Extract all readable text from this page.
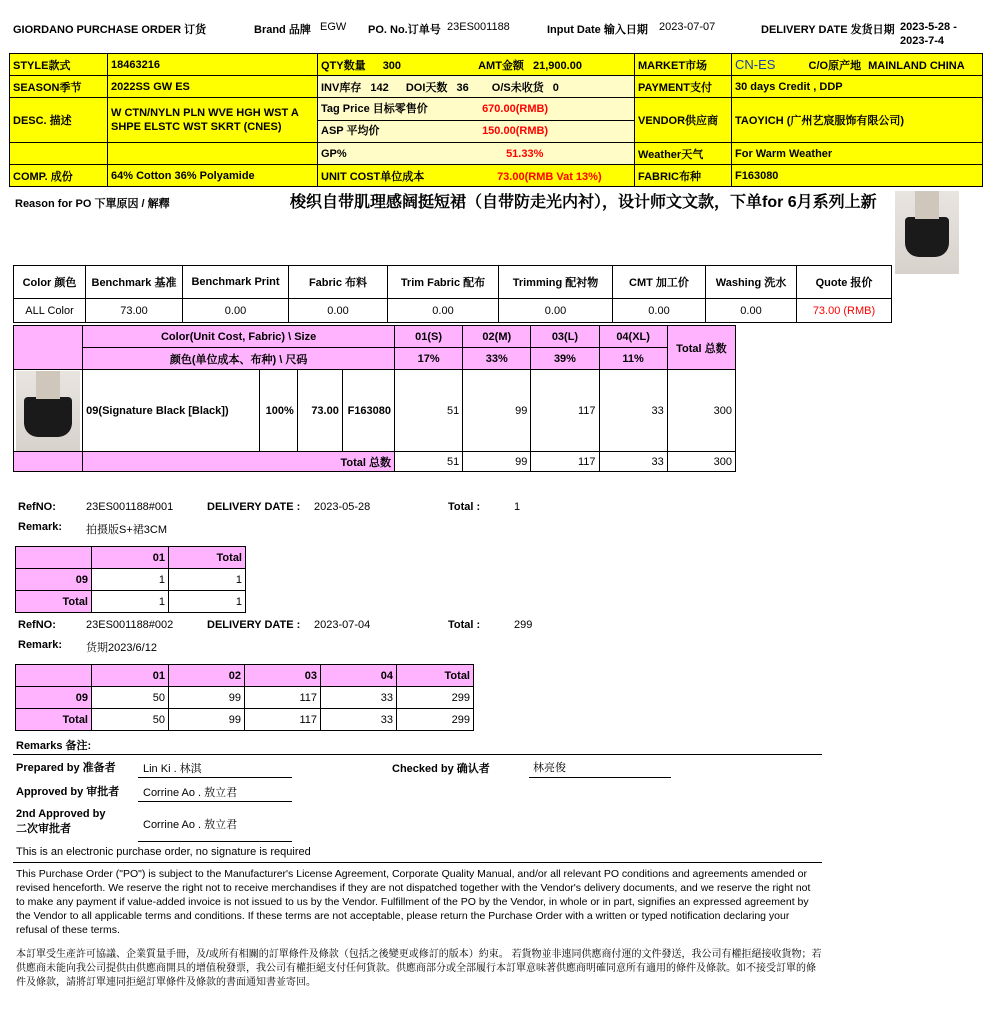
GIORDANO PURCHASE ORDER 订货	Brand 品牌 EGW PO. No.订单号 23ES001188	Input Date 输入日期 2023-07-07	DELIVERY DATE 发货日期 2023-5-28 -
2023-7-4
STYLE款式	18463216	QTY数量 300 AMT金额 21,900.00	MARKET市场	CN-ES C/O原产地 MAINLAND CHINA
SEASON季节	2022SS GW ES	INV库存 142 DOI天数 36 O/S未收货 0	PAYMENT支付	30 days Credit , DDP
DESC. 描述	W CTN/NYLN PLN WVE HGH WST A SHPE ELSTC WST SKRT (CNES)	Tag Price 目标零售价 670.00(RMB)
ASP 平均价 150.00(RMB)	VENDOR供应商	TAOYICH (广州艺宸服饰有限公司)
		GP% 51.33%	Weather天气	For Warm Weather
COMP. 成份	64% Cotton 36% Polyamide	UNIT COST单位成本 73.00(RMB Vat 13%)	FABRIC布种	F163080
Reason for PO 下單原因 / 解釋	梭织自带肌理感阔挺短裙（自带防走光内衬），设计师文文款，下单for 6月系列上新
Color 颜色	Benchmark 基准	Benchmark Print	Fabric 布料	Trim Fabric 配布	Trimming 配衬物	CMT 加工价	Washing 洗水	Quote 报价
ALL Color	73.00	0.00	0.00	0.00	0.00	0.00	0.00	73.00 (RMB)
	Color(Unit Cost, Fabric) \ Size				01(S)	02(M)	03(L)	04(XL)	Total 总数
	颜色(单位成本、布种) \ 尺码				17%	33%	39%	11%	

	09(Signature Black [Black])	100%	73.00	F163080	51	99	117	33	300
	Total 总数				51	99	117	33	300
RefNO:	23ES001188#001	DELIVERY DATE : 2023-05-28	Total :	1
Remark: 拍摄版S+裙3CM
	01	Total
09	1	1
Total	1	1
RefNO:	23ES001188#002	DELIVERY DATE : 2023-07-04	Total :	299
Remark: 货期2023/6/12
	01	02	03	04	Total
09	50	99	117	33	299
Total	50	99	117	33	299
Remarks 备注:
Prepared by 准备者 Lin Ki . 林淇	Checked by 确认者	林亮俊
Approved by 审批者 Corrine Ao . 敖立君
2nd Approved by
二次审批者	Corrine Ao . 敖立君
This is an electronic purchase order, no signature is required
This Purchase Order ("PO") is subject to the Manufacturer's License Agreement, Corporate Quality Manual, and/or all relevant PO conditions and agreements amended or revised henceforth. We reserve the right not to receive merchandises if they are not dispatched together with the Vendor's delivery documents, and we reserve the right not to make any payment if value-added invoice is not issued to us by the Vendor. Fulfillment of the PO by the Vendor, in whole or in part, signifies an expressed agreement by the Vendor to all applicable terms and conditions. If these terms are not acceptable, please return the Purchase Order with a written or typed notification declaring your refusal of these terms.
本訂單受生產許可協議、企業質量手冊，及/或所有相關的訂單條件及條款（包括之後變更或修訂的版本）約束。 若貨物並非連同供應商付運的文件發送，我公司有權拒絕接收貨物；若供應商未能向我公司提供由供應商開具的增值稅發票，我公司有權拒絕支付任何貨款。供應商部分或全部履行本訂單意味著供應商明確同意所有適用的條件及條款。如不接受訂單的條件及條款，請將訂單連同拒絕訂單條件及條款的書面通知書並寄回。
